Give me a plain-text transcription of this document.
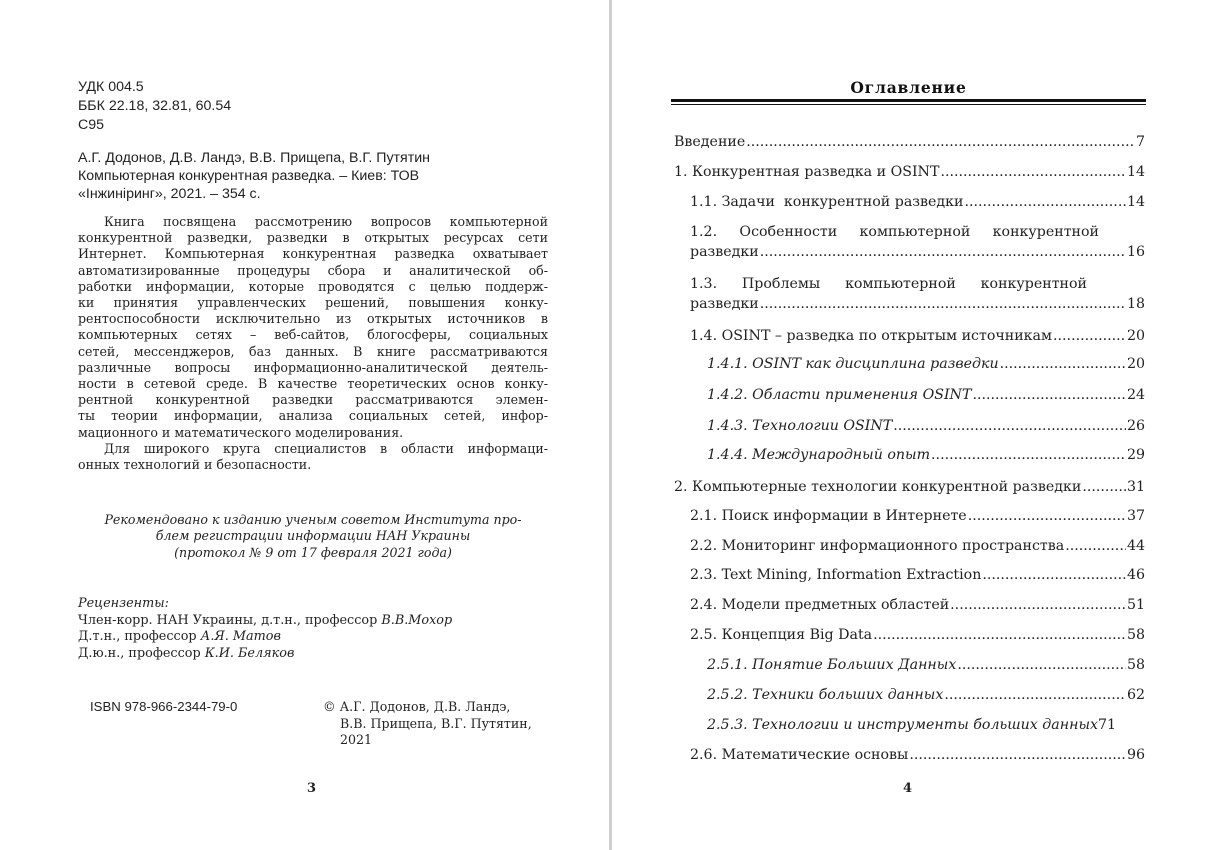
УДК 004.5
ББК 22.18, 32.81, 60.54
С95
А.Г. Додонов, Д.В. Ландэ, В.В. Прищепа, В.Г. Путятин
Компьютерная конкурентная разведка. – Киев: ТОВ
«Інжиніринг», 2021. – 354 с.
Книга посвящена рассмотрению вопросов компьютерной
конкурентной разведки, разведки в открытых ресурсах сети
Интернет. Компьютерная конкурентная разведка охватывает
автоматизированные процедуры сбора и аналитической об-
работки информации, которые проводятся с целью поддерж-
ки принятия управленческих решений, повышения конку-
рентоспособности исключительно из открытых источников в
компьютерных сетях – веб-сайтов, блогосферы, социальных
сетей, мессенджеров, баз данных. В книге рассматриваются
различные вопросы информационно-аналитической деятель-
ности в сетевой среде. В качестве теоретических основ конку-
рентной конкурентной разведки рассматриваются элемен-
ты теории информации, анализа социальных сетей, инфор-
мационного и математического моделирования.
Для широкого круга специалистов в области информаци-
онных технологий и безопасности.
Рекомендовано к изданию ученым советом Института про-
блем регистрации информации НАН Украины
(протокол № 9 от 17 февраля 2021 года)
Рецензенты:
Член-корр. НАН Украины, д.т.н., профессор В.В.Мохор
Д.т.н., профессор А.Я. Матов
Д.ю.н., профессор К.И. Беляков
ISBN 978-966-2344-79-0	© А.Г. Додонов, Д.В. Ландэ,
В.В. Прищепа, В.Г. Путятин,
2021
3
Оглавление
Введение .....	7
1. Конкурентная разведка и OSINT .....	14
1.1. Задачи  конкурентной разведки .....	14
1.2. Особенности компьютерной конкурентной
разведки .....	16
1.3. Проблемы компьютерной конкурентной
разведки .....	18
1.4. OSINT – разведка по открытым источникам .....	20
1.4.1. OSINT как дисциплина разведки .....	20
1.4.2. Области применения OSINT .....	24
1.4.3. Технологии OSINT .....	26
1.4.4. Международный опыт .....	29
2. Компьютерные технологии конкурентной разведки .....	31
2.1. Поиск информации в Интернете .....	37
2.2. Мониторинг информационного пространства .....	44
2.3. Text Mining, Information Extraction .....	46
2.4. Модели предметных областей .....	51
2.5. Концепция Big Data .....	58
2.5.1. Понятие Больших Данных .....	58
2.5.2. Техники больших данных .....	62
2.5.3. Технологии и инструменты больших данных 71
2.6. Математические основы .....	96
4
